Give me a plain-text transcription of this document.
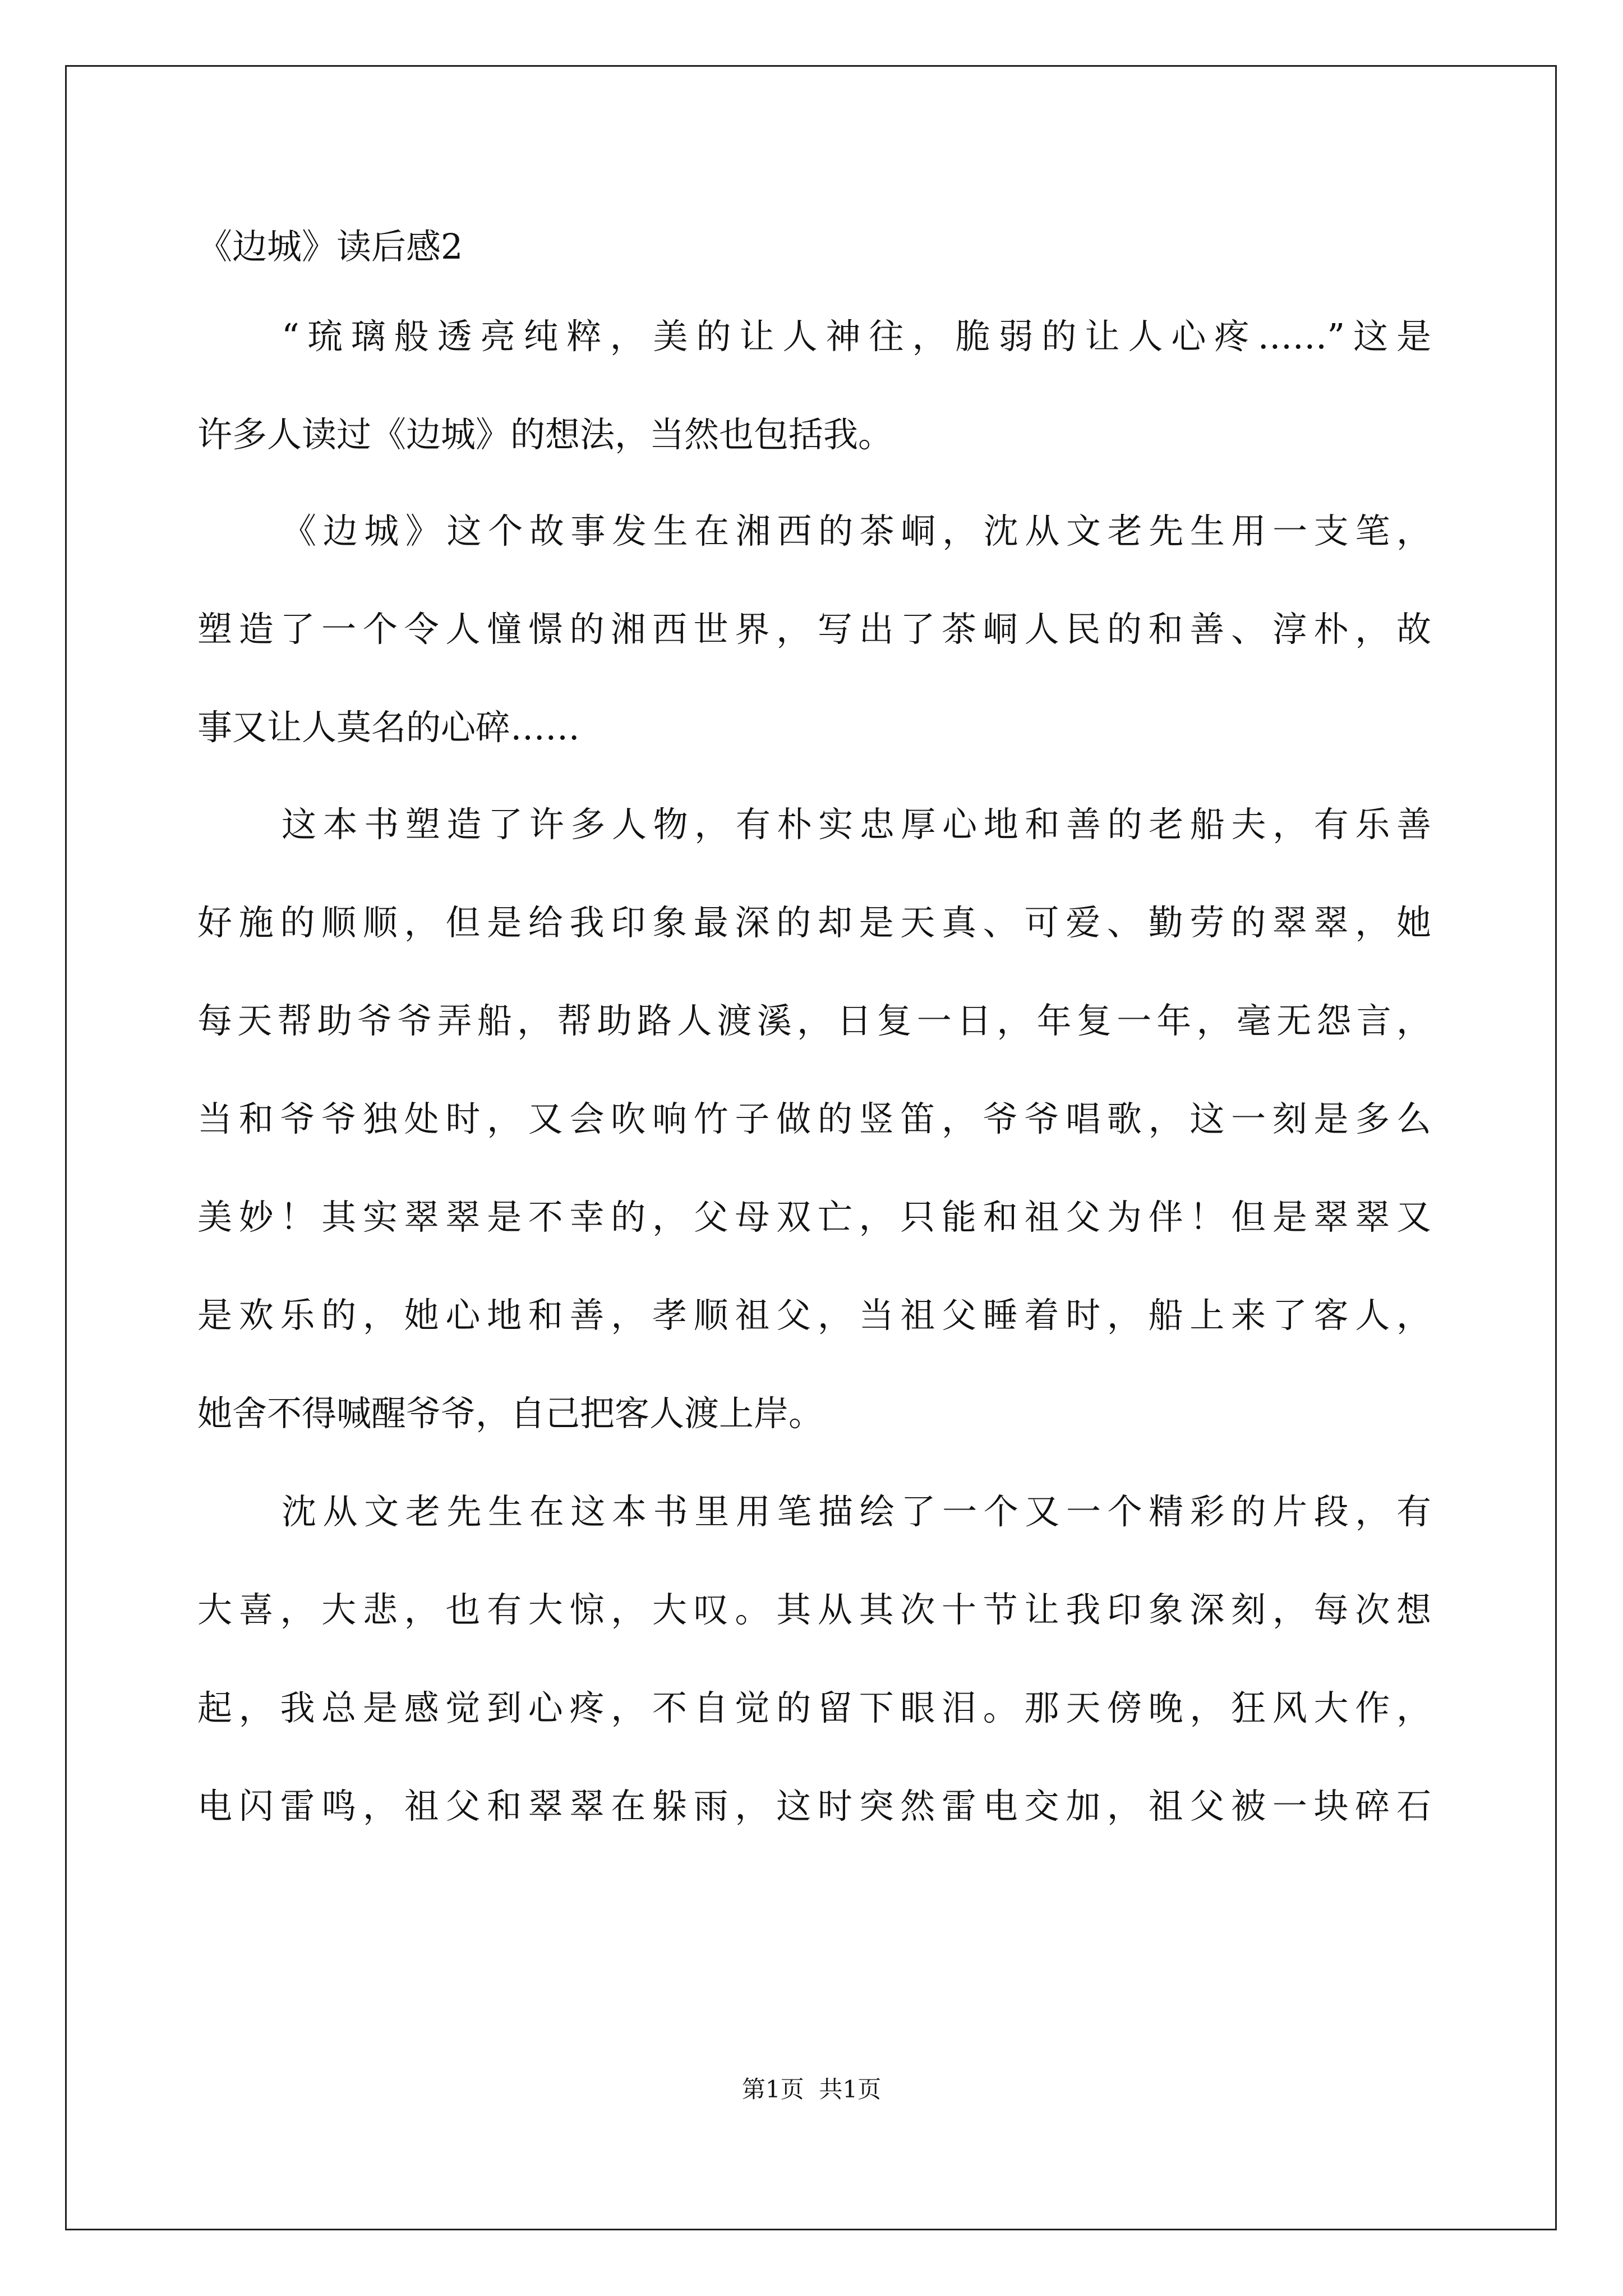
《边城》读后感2
“琉璃般透亮纯粹，美的让人神往，脆弱的让人心疼……”这是
许多人读过《边城》的想法，当然也包括我。
《边城》这个故事发生在湘西的茶峒，沈从文老先生用一支笔，
塑造了一个令人憧憬的湘西世界，写出了茶峒人民的和善、淳朴，故
事又让人莫名的心碎……
这本书塑造了许多人物，有朴实忠厚心地和善的老船夫，有乐善
好施的顺顺，但是给我印象最深的却是天真、可爱、勤劳的翠翠，她
每天帮助爷爷弄船，帮助路人渡溪，日复一日，年复一年，毫无怨言，
当和爷爷独处时，又会吹响竹子做的竖笛，爷爷唱歌，这一刻是多么
美妙！其实翠翠是不幸的，父母双亡，只能和祖父为伴！但是翠翠又
是欢乐的，她心地和善，孝顺祖父，当祖父睡着时，船上来了客人，
她舍不得喊醒爷爷，自己把客人渡上岸。
沈从文老先生在这本书里用笔描绘了一个又一个精彩的片段，有
大喜，大悲，也有大惊，大叹。其从其次十节让我印象深刻，每次想
起，我总是感觉到心疼，不自觉的留下眼泪。那天傍晚，狂风大作，
电闪雷鸣，祖父和翠翠在躲雨，这时突然雷电交加，祖父被一块碎石
第1页  共1页
